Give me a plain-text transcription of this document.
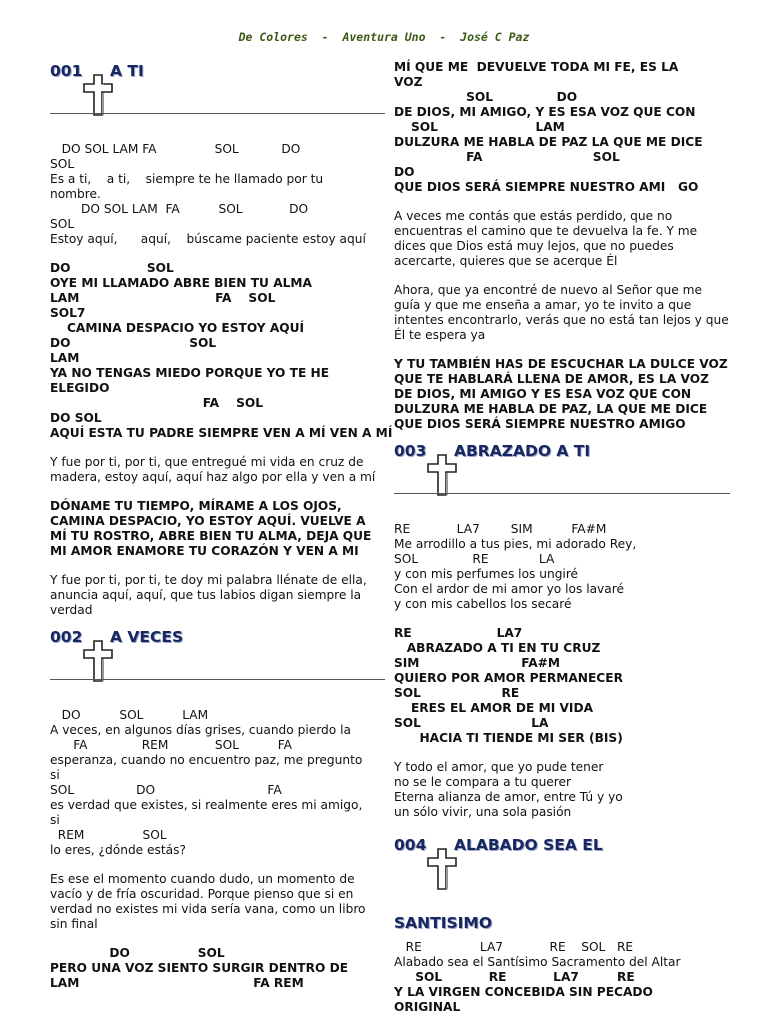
De Colores  -  Aventura Uno  -  José C Paz
001 A TI
DO SOL LAM FA               SOL           DO
SOL
Es a ti,    a ti,    siempre te he llamado por tu
nombre.
DO SOL LAM  FA          SOL            DO
SOL
Estoy aquí,      aquí,    búscame paciente estoy aquí
DO                  SOL
OYE MI LLAMADO ABRE BIEN TU ALMA
LAM                                FA    SOL
SOL7
CAMINA DESPACIO YO ESTOY AQUÍ
DO                            SOL
LAM
YA NO TENGAS MIEDO PORQUE YO TE HE
ELEGIDO
FA    SOL
DO SOL
AQUÍ ESTA TU PADRE SIEMPRE VEN A MÍ VEN A MÍ
Y fue por ti, por ti, que entregué mi vida en cruz de madera, estoy aquí, aquí haz algo por ella y ven a mí
DÓNAME TU TIEMPO, MÍRAME A LOS OJOS, CAMINA DESPACIO, YO ESTOY AQUÍ. VUELVE A MÍ TU ROSTRO, ABRE BIEN TU ALMA, DEJA QUE MI AMOR ENAMORE TU CORAZÓN Y VEN A MI
Y fue por ti, por ti, te doy mi palabra llénate de ella, anuncia aquí, aquí, que tus labios digan siempre la verdad
002 A VECES
DO          SOL          LAM
A veces, en algunos días grises, cuando pierdo la
FA              REM            SOL          FA
esperanza, cuando no encuentro paz, me pregunto
si
SOL                DO                             FA
es verdad que existes, si realmente eres mi amigo,
si
REM               SOL
lo eres, ¿dónde estás?
Es ese el momento cuando dudo, un momento de vacío y de fría oscuridad. Porque pienso que si en verdad no existes mi vida sería vana, como un libro sin final
DO                SOL
PERO UNA VOZ SIENTO SURGIR DENTRO DE
LAM                                         FA REM
MÍ QUE ME  DEVUELVE TODA MI FE, ES LA
VOZ
SOL               DO
DE DIOS, MI AMIGO, Y ES ESA VOZ QUE CON
SOL                       LAM
DULZURA ME HABLA DE PAZ LA QUE ME DICE
FA                          SOL
DO
QUE DIOS SERÁ SIEMPRE NUESTRO AMI   GO
A veces me contás que estás perdido, que no encuentras el camino que te devuelva la fe. Y me dices que Dios está muy lejos, que no puedes acercarte, quieres que se acerque Él
Ahora, que ya encontré de nuevo al Señor que me guía y que me enseña a amar, yo te invito a que intentes encontrarlo, verás que no está tan lejos y que Él te espera ya
Y TU TAMBIÉN HAS DE ESCUCHAR LA DULCE VOZ QUE TE HABLARÁ LLENA DE AMOR, ES LA VOZ DE DIOS, MI AMIGO Y ES ESA VOZ QUE CON DULZURA ME HABLA DE PAZ, LA QUE ME DICE QUE DIOS SERÁ SIEMPRE NUESTRO AMIGO
003 ABRAZADO A TI
RE            LA7        SIM          FA#M
Me arrodillo a tus pies, mi adorado Rey,
SOL              RE             LA
y con mis perfumes los ungiré
Con el ardor de mi amor yo los lavaré
y con mis cabellos los secaré
RE                    LA7
ABRAZADO A TI EN TU CRUZ
SIM                        FA#M
QUIERO POR AMOR PERMANECER
SOL                   RE
ERES EL AMOR DE MI VIDA
SOL                          LA
HACIA TI TIENDE MI SER (BIS)
Y todo el amor, que yo pude tener
no se le compara a tu querer
Eterna alianza de amor, entre Tú y yo
un sólo vivir, una sola pasión
004 ALABADO SEA EL
SANTISIMO
RE               LA7            RE    SOL   RE
Alabado sea el Santísimo Sacramento del Altar
SOL           RE           LA7         RE
Y LA VIRGEN CONCEBIDA SIN PECADO
ORIGINAL
